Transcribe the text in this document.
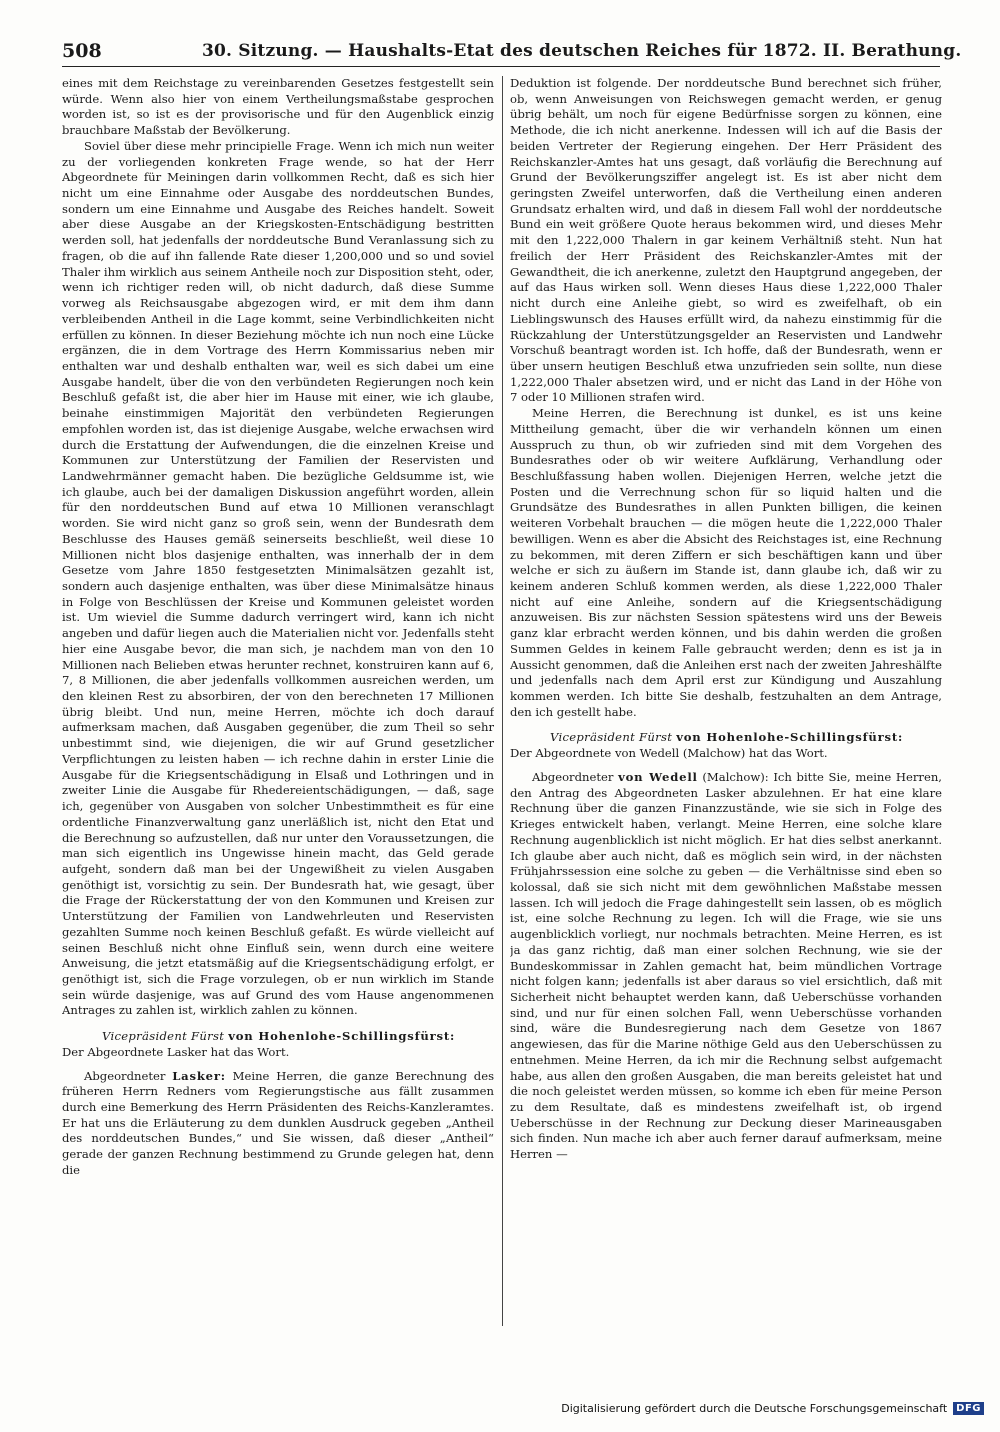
508	30. Sitzung. — Haushalts-Etat des deutschen Reiches für 1872. II. Berathung.

eines mit dem Reichstage zu vereinbarenden Gesetzes festgestellt sein würde. Wenn also hier von einem Vertheilungsmaßstabe gesprochen worden ist, so ist es der provisorische und für den Augenblick einzig brauchbare Maßstab der Bevölkerung.

Soviel über diese mehr principielle Frage. Wenn ich mich nun weiter zu der vorliegenden konkreten Frage wende, so hat der Herr Abgeordnete für Meiningen darin vollkommen Recht, daß es sich hier nicht um eine Einnahme oder Ausgabe des norddeutschen Bundes, sondern um eine Einnahme und Ausgabe des Reiches handelt. Soweit aber diese Ausgabe an der Kriegskosten-Entschädigung bestritten werden soll, hat jedenfalls der norddeutsche Bund Veranlassung sich zu fragen, ob die auf ihn fallende Rate dieser 1,200,000 und so und soviel Thaler ihm wirklich aus seinem Antheile noch zur Disposition steht, oder, wenn ich richtiger reden will, ob nicht dadurch, daß diese Summe vorweg als Reichsausgabe abgezogen wird, er mit dem ihm dann verbleibenden Antheil in die Lage kommt, seine Verbindlichkeiten nicht erfüllen zu können. In dieser Beziehung möchte ich nun noch eine Lücke ergänzen, die in dem Vortrage des Herrn Kommissarius neben mir enthalten war und deshalb enthalten war, weil es sich dabei um eine Ausgabe handelt, über die von den verbündeten Regierungen noch kein Beschluß gefaßt ist, die aber hier im Hause mit einer, wie ich glaube, beinahe einstimmigen Majorität den verbündeten Regierungen empfohlen worden ist, das ist diejenige Ausgabe, welche erwachsen wird durch die Erstattung der Aufwendungen, die die einzelnen Kreise und Kommunen zur Unterstützung der Familien der Reservisten und Landwehrmänner gemacht haben. Die bezügliche Geldsumme ist, wie ich glaube, auch bei der damaligen Diskussion angeführt worden, allein für den norddeutschen Bund auf etwa 10 Millionen veranschlagt worden. Sie wird nicht ganz so groß sein, wenn der Bundesrath dem Beschlusse des Hauses gemäß seinerseits beschließt, weil diese 10 Millionen nicht blos dasjenige enthalten, was innerhalb der in dem Gesetze vom Jahre 1850 festgesetzten Minimalsätzen gezahlt ist, sondern auch dasjenige enthalten, was über diese Minimalsätze hinaus in Folge von Beschlüssen der Kreise und Kommunen geleistet worden ist. Um wieviel die Summe dadurch verringert wird, kann ich nicht angeben und dafür liegen auch die Materialien nicht vor. Jedenfalls steht hier eine Ausgabe bevor, die man sich, je nachdem man von den 10 Millionen nach Belieben etwas herunter rechnet, konstruiren kann auf 6, 7, 8 Millionen, die aber jedenfalls vollkommen ausreichen werden, um den kleinen Rest zu absorbiren, der von den berechneten 17 Millionen übrig bleibt. Und nun, meine Herren, möchte ich doch darauf aufmerksam machen, daß Ausgaben gegenüber, die zum Theil so sehr unbestimmt sind, wie diejenigen, die wir auf Grund gesetzlicher Verpflichtungen zu leisten haben — ich rechne dahin in erster Linie die Ausgabe für die Kriegsentschädigung in Elsaß und Lothringen und in zweiter Linie die Ausgabe für Rhedereientschädigungen, — daß, sage ich, gegenüber von Ausgaben von solcher Unbestimmtheit es für eine ordentliche Finanzverwaltung ganz unerläßlich ist, nicht den Etat und die Berechnung so aufzustellen, daß nur unter den Voraussetzungen, die man sich eigentlich ins Ungewisse hinein macht, das Geld gerade aufgeht, sondern daß man bei der Ungewißheit zu vielen Ausgaben genöthigt ist, vorsichtig zu sein. Der Bundesrath hat, wie gesagt, über die Frage der Rückerstattung der von den Kommunen und Kreisen zur Unterstützung der Familien von Landwehrleuten und Reservisten gezahlten Summe noch keinen Beschluß gefaßt. Es würde vielleicht auf seinen Beschluß nicht ohne Einfluß sein, wenn durch eine weitere Anweisung, die jetzt etatsmäßig auf die Kriegsentschädigung erfolgt, er genöthigt ist, sich die Frage vorzulegen, ob er nun wirklich im Stande sein würde dasjenige, was auf Grund des vom Hause angenommenen Antrages zu zahlen ist, wirklich zahlen zu können.

Vicepräsident Fürst von Hohenlohe-Schillingsfürst:

Der Abgeordnete Lasker hat das Wort.

Abgeordneter Lasker: Meine Herren, die ganze Berechnung des früheren Herrn Redners vom Regierungstische aus fällt zusammen durch eine Bemerkung des Herrn Präsidenten des Reichs-Kanzleramtes. Er hat uns die Erläuterung zu dem dunklen Ausdruck gegeben „Antheil des norddeutschen Bundes,“ und Sie wissen, daß dieser „Antheil“ gerade der ganzen Rechnung bestimmend zu Grunde gelegen hat, denn die

Deduktion ist folgende. Der norddeutsche Bund berechnet sich früher, ob, wenn Anweisungen von Reichswegen gemacht werden, er genug übrig behält, um noch für eigene Bedürfnisse sorgen zu können, eine Methode, die ich nicht anerkenne. Indessen will ich auf die Basis der beiden Vertreter der Regierung eingehen. Der Herr Präsident des Reichskanzler-Amtes hat uns gesagt, daß vorläufig die Berechnung auf Grund der Bevölkerungsziffer angelegt ist. Es ist aber nicht dem geringsten Zweifel unterworfen, daß die Vertheilung einen anderen Grundsatz erhalten wird, und daß in diesem Fall wohl der norddeutsche Bund ein weit größere Quote heraus bekommen wird, und dieses Mehr mit den 1,222,000 Thalern in gar keinem Verhältniß steht. Nun hat freilich der Herr Präsident des Reichskanzler-Amtes mit der Gewandtheit, die ich anerkenne, zuletzt den Hauptgrund angegeben, der auf das Haus wirken soll. Wenn dieses Haus diese 1,222,000 Thaler nicht durch eine Anleihe giebt, so wird es zweifelhaft, ob ein Lieblingswunsch des Hauses erfüllt wird, da nahezu einstimmig für die Rückzahlung der Unterstützungsgelder an Reservisten und Landwehr Vorschuß beantragt worden ist. Ich hoffe, daß der Bundesrath, wenn er über unsern heutigen Beschluß etwa unzufrieden sein sollte, nun diese 1,222,000 Thaler absetzen wird, und er nicht das Land in der Höhe von 7 oder 10 Millionen strafen wird.

Meine Herren, die Berechnung ist dunkel, es ist uns keine Mittheilung gemacht, über die wir verhandeln können um einen Ausspruch zu thun, ob wir zufrieden sind mit dem Vorgehen des Bundesrathes oder ob wir weitere Aufklärung, Verhandlung oder Beschlußfassung haben wollen. Diejenigen Herren, welche jetzt die Posten und die Verrechnung schon für so liquid halten und die Grundsätze des Bundesrathes in allen Punkten billigen, die keinen weiteren Vorbehalt brauchen — die mögen heute die 1,222,000 Thaler bewilligen. Wenn es aber die Absicht des Reichstages ist, eine Rechnung zu bekommen, mit deren Ziffern er sich beschäftigen kann und über welche er sich zu äußern im Stande ist, dann glaube ich, daß wir zu keinem anderen Schluß kommen werden, als diese 1,222,000 Thaler nicht auf eine Anleihe, sondern auf die Kriegsentschädigung anzuweisen. Bis zur nächsten Session spätestens wird uns der Beweis ganz klar erbracht werden können, und bis dahin werden die großen Summen Geldes in keinem Falle gebraucht werden; denn es ist ja in Aussicht genommen, daß die Anleihen erst nach der zweiten Jahreshälfte und jedenfalls nach dem April erst zur Kündigung und Auszahlung kommen werden. Ich bitte Sie deshalb, festzuhalten an dem Antrage, den ich gestellt habe.

Vicepräsident Fürst von Hohenlohe-Schillingsfürst:

Der Abgeordnete von Wedell (Malchow) hat das Wort.

Abgeordneter von Wedell (Malchow): Ich bitte Sie, meine Herren, den Antrag des Abgeordneten Lasker abzulehnen. Er hat eine klare Rechnung über die ganzen Finanzzustände, wie sie sich in Folge des Krieges entwickelt haben, verlangt. Meine Herren, eine solche klare Rechnung augenblicklich ist nicht möglich. Er hat dies selbst anerkannt. Ich glaube aber auch nicht, daß es möglich sein wird, in der nächsten Frühjahrssession eine solche zu geben — die Verhältnisse sind eben so kolossal, daß sie sich nicht mit dem gewöhnlichen Maßstabe messen lassen. Ich will jedoch die Frage dahingestellt sein lassen, ob es möglich ist, eine solche Rechnung zu legen. Ich will die Frage, wie sie uns augenblicklich vorliegt, nur nochmals betrachten. Meine Herren, es ist ja das ganz richtig, daß man einer solchen Rechnung, wie sie der Bundeskommissar in Zahlen gemacht hat, beim mündlichen Vortrage nicht folgen kann; jedenfalls ist aber daraus so viel ersichtlich, daß mit Sicherheit nicht behauptet werden kann, daß Ueberschüsse vorhanden sind, und nur für einen solchen Fall, wenn Ueberschüsse vorhanden sind, wäre die Bundesregierung nach dem Gesetze von 1867 angewiesen, das für die Marine nöthige Geld aus den Ueberschüssen zu entnehmen. Meine Herren, da ich mir die Rechnung selbst aufgemacht habe, aus allen den großen Ausgaben, die man bereits geleistet hat und die noch geleistet werden müssen, so komme ich eben für meine Person zu dem Resultate, daß es mindestens zweifelhaft ist, ob irgend Ueberschüsse in der Rechnung zur Deckung dieser Marineausgaben sich finden. Nun mache ich aber auch ferner darauf aufmerksam, meine Herren —

Digitalisierung gefördert durch die Deutsche Forschungsgemeinschaft DFG
